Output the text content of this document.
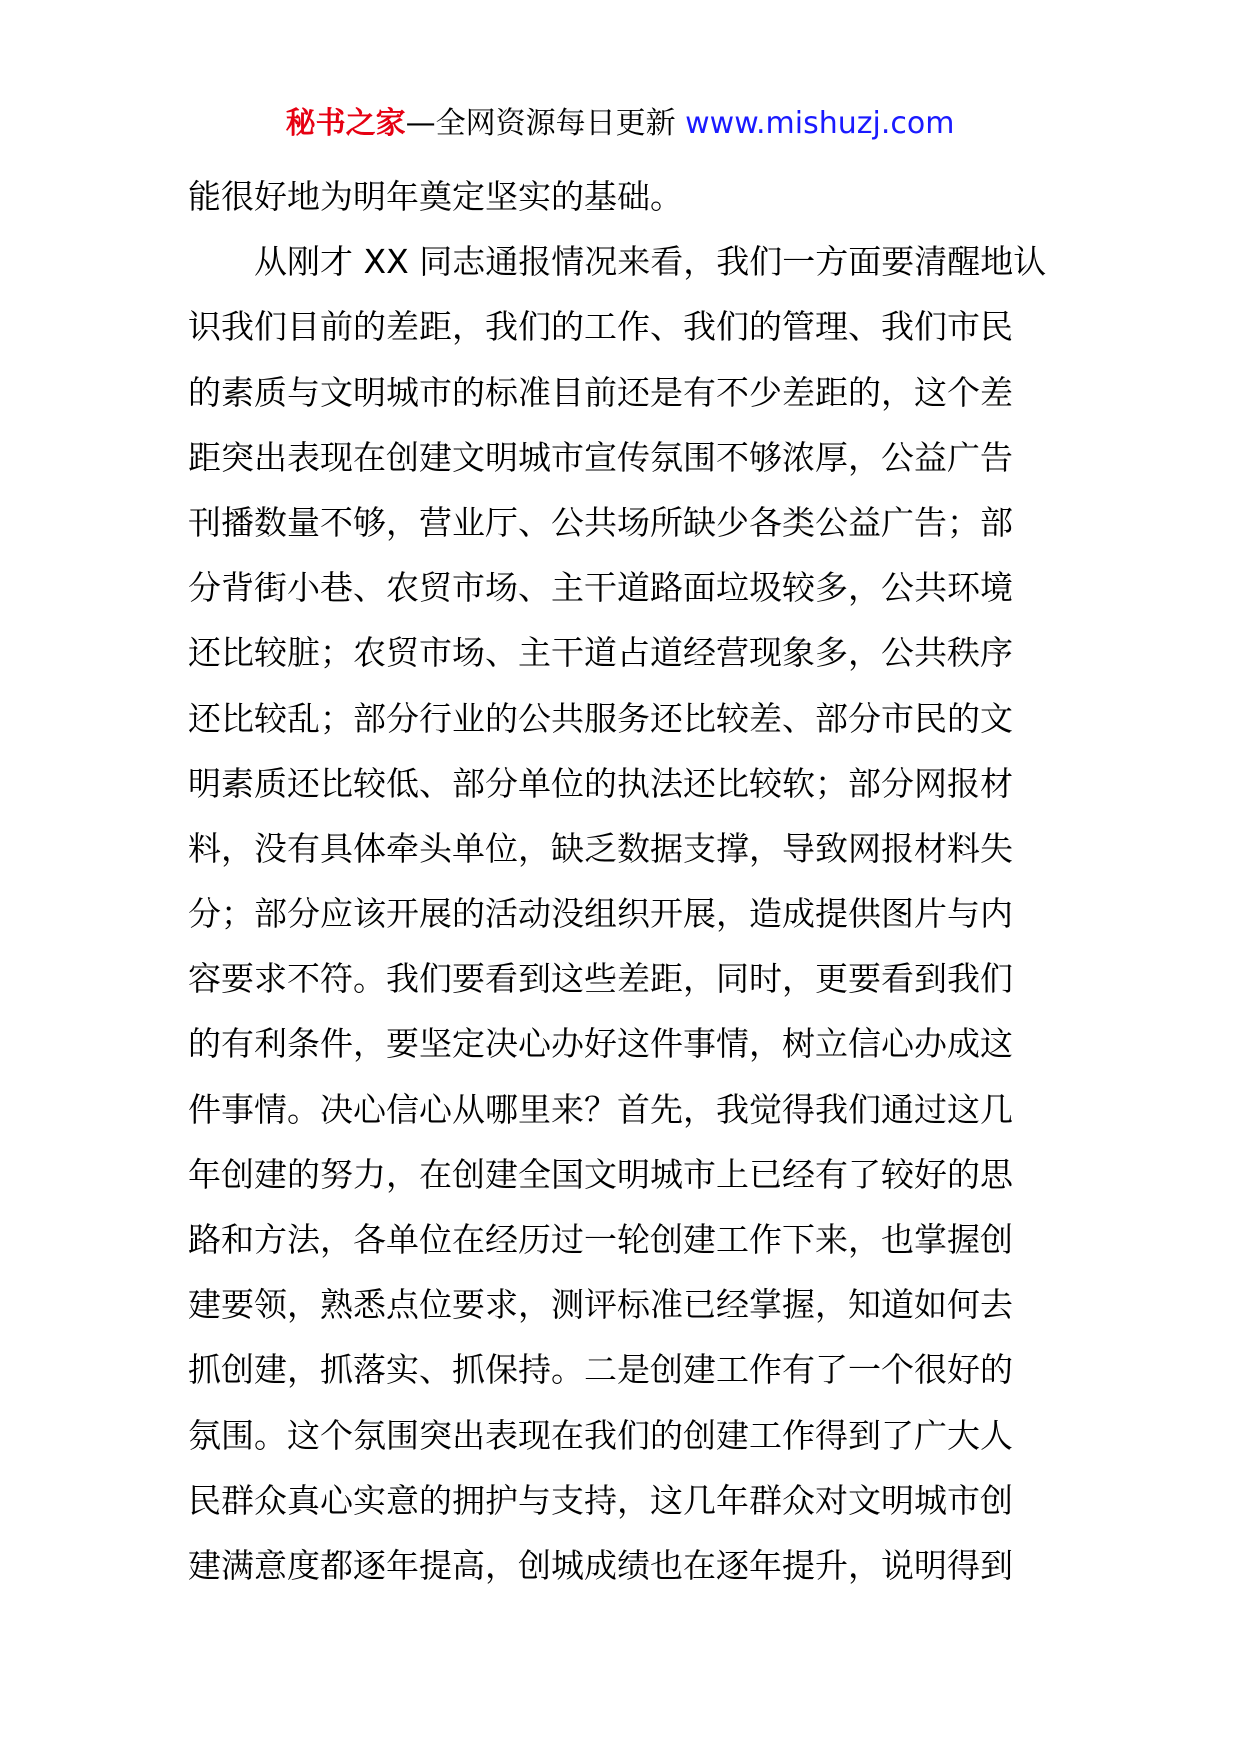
秘书之家—全网资源每日更新 www.mishuzj.com
能很好地为明年奠定坚实的基础。
从刚才 XX 同志通报情况来看，我们一方面要清醒地认
识我们目前的差距，我们的工作、我们的管理、我们市民
的素质与文明城市的标准目前还是有不少差距的，这个差
距突出表现在创建文明城市宣传氛围不够浓厚，公益广告
刊播数量不够，营业厅、公共场所缺少各类公益广告；部
分背街小巷、农贸市场、主干道路面垃圾较多，公共环境
还比较脏；农贸市场、主干道占道经营现象多，公共秩序
还比较乱；部分行业的公共服务还比较差、部分市民的文
明素质还比较低、部分单位的执法还比较软；部分网报材
料，没有具体牵头单位，缺乏数据支撑，导致网报材料失
分；部分应该开展的活动没组织开展，造成提供图片与内
容要求不符。我们要看到这些差距，同时，更要看到我们
的有利条件，要坚定决心办好这件事情，树立信心办成这
件事情。决心信心从哪里来？首先，我觉得我们通过这几
年创建的努力，在创建全国文明城市上已经有了较好的思
路和方法，各单位在经历过一轮创建工作下来，也掌握创
建要领，熟悉点位要求，测评标准已经掌握，知道如何去
抓创建，抓落实、抓保持。二是创建工作有了一个很好的
氛围。这个氛围突出表现在我们的创建工作得到了广大人
民群众真心实意的拥护与支持，这几年群众对文明城市创
建满意度都逐年提高，创城成绩也在逐年提升，说明得到
